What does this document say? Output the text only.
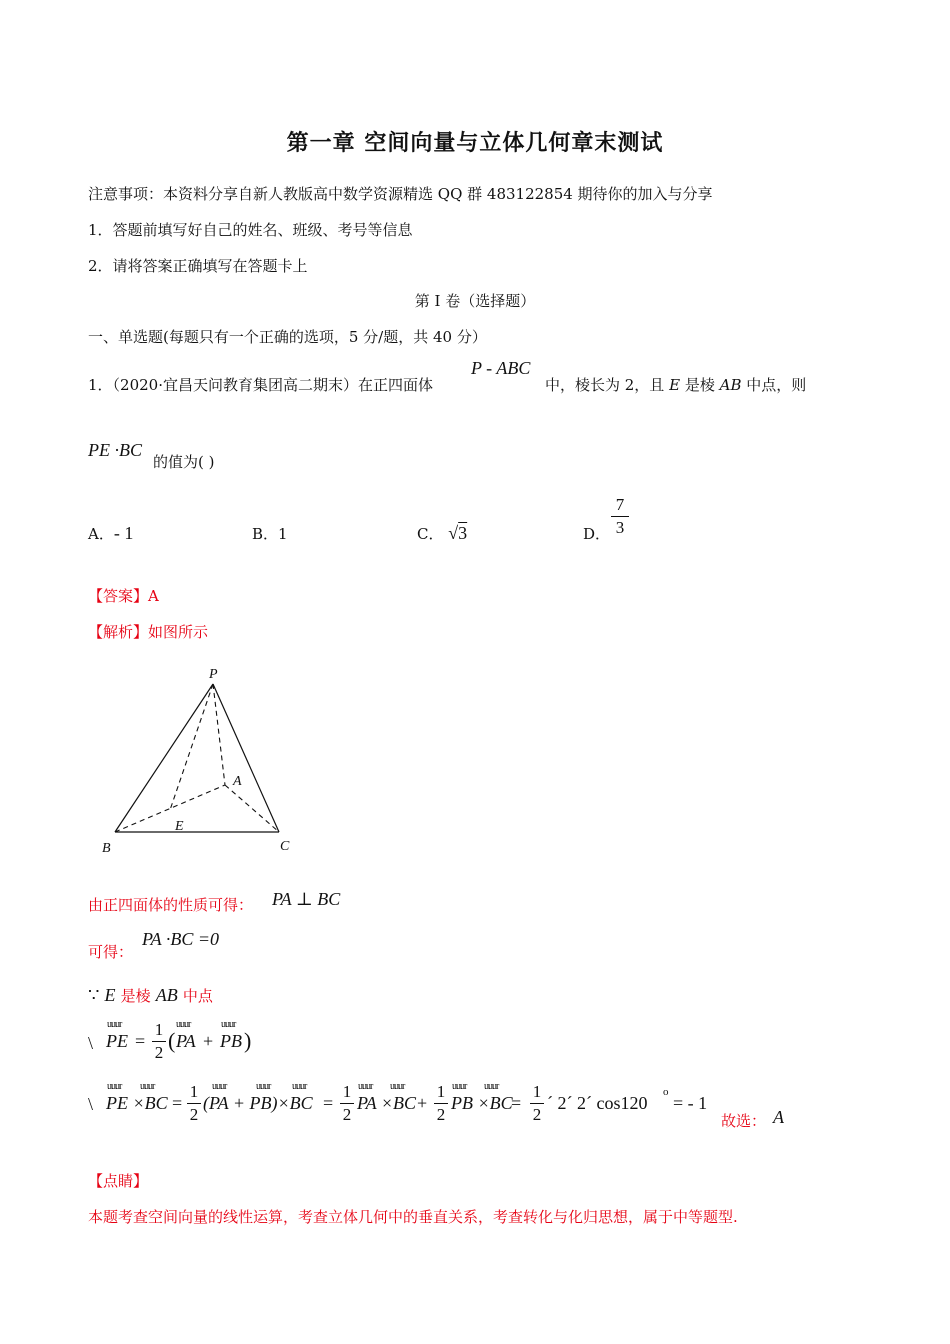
第一章 空间向量与立体几何章末测试
注意事项：本资料分享自新人教版高中数学资源精选 QQ 群 483122854 期待你的加入与分享
1．答题前填写好自己的姓名、班级、考号等信息
2．请将答案正确填写在答题卡上
第 I 卷（选择题）
一、单选题(每题只有一个正确的选项，5 分/题，共 40 分）
1．（2020·宜昌天问教育集团高二期末）在正四面体
P - ABC
中，棱长为 2，且 E 是棱 AB 中点，则
PE ·BC
的值为( )
A．- 1	B．1	C． √3	D．
7
3
【答案】A
【解析】如图所示
P
A
B	C
E
由正四面体的性质可得： PA ⊥ BC
可得：
PA ·BC =0
∵ E 是棱 AB 中点
\
uuur
PE =
1
2 (
uuur
PA +
uuur
PB )
\
uuur uuur
PE ×BC =
1
2
uuur	uuur uuur
(PA + PB)×BC =
1
2
uuur uuur
PA ×BC +
1
2
uuur uuur
PB ×BC
=
1
2
´ 2´ 2´ cos120
o
= - 1
故选： A
【点睛】
本题考查空间向量的线性运算，考查立体几何中的垂直关系，考查转化与化归思想，属于中等题型.
